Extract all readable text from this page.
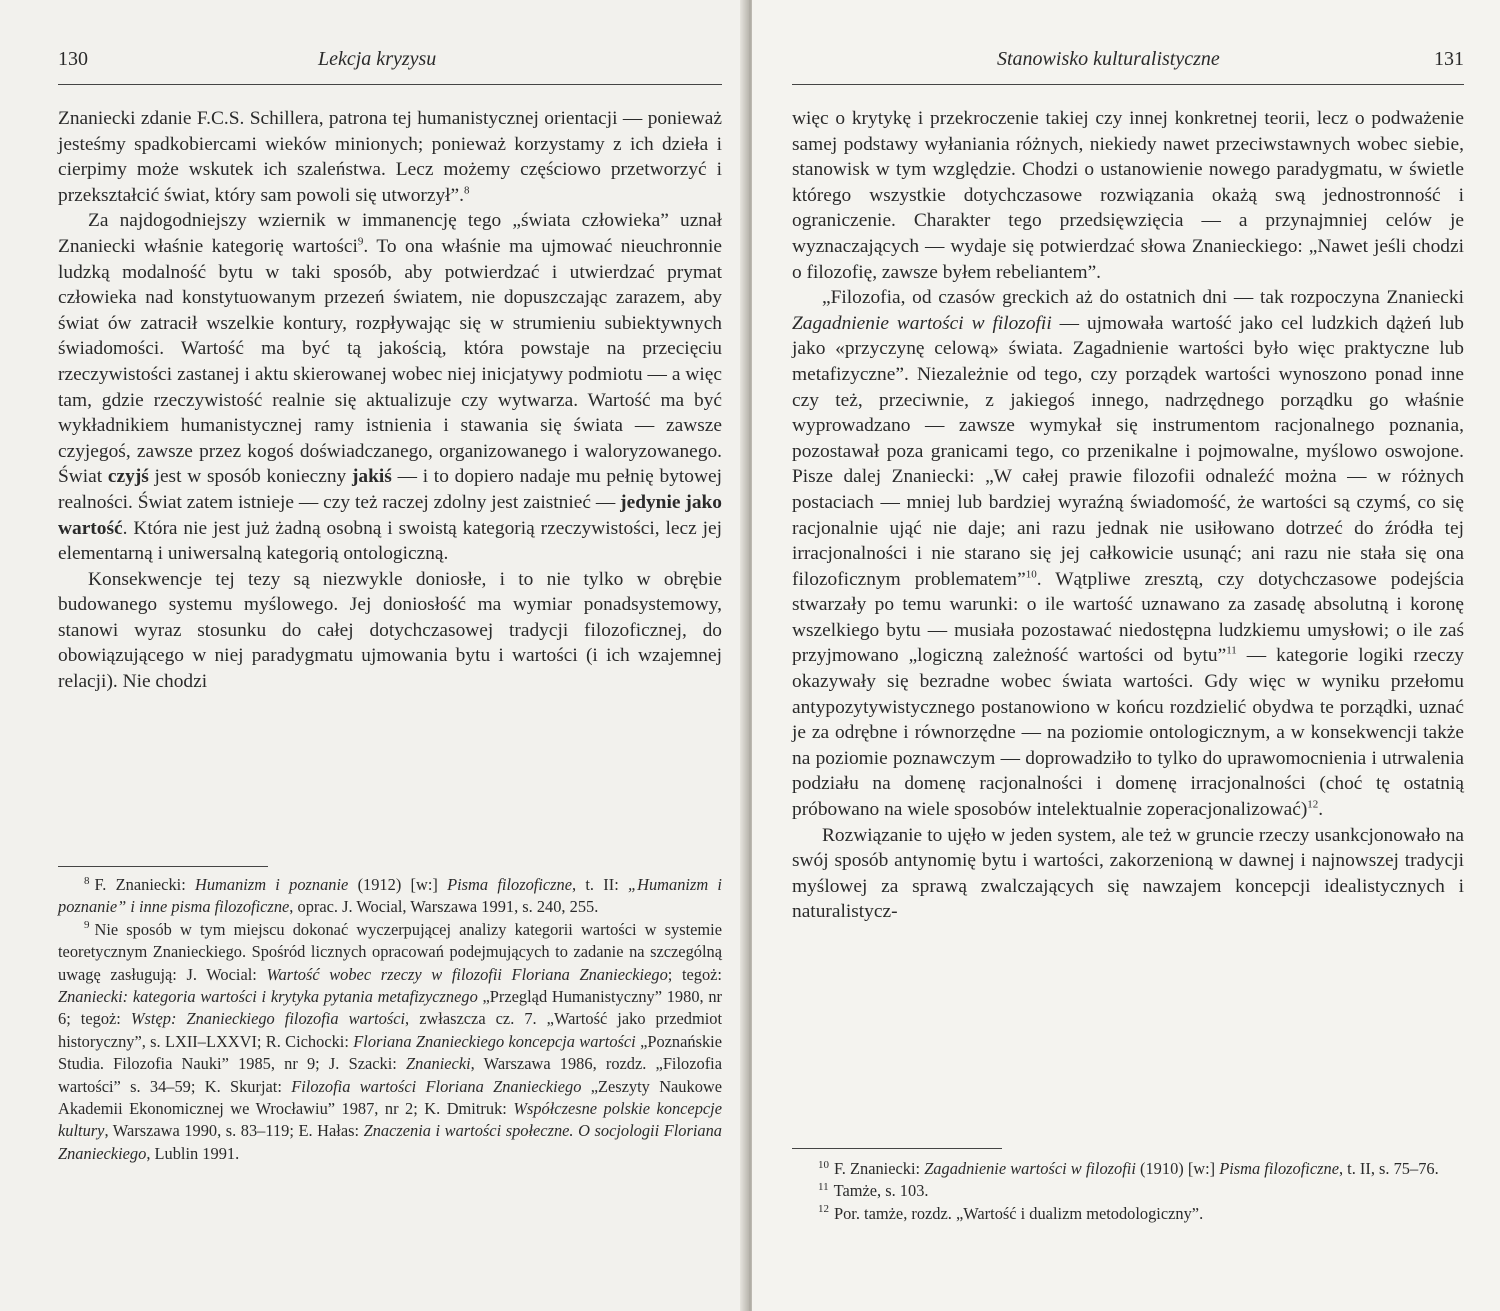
130	Lekcja kryzysu

Znaniecki zdanie F.C.S. Schillera, patrona tej humanistycznej orientacji — ponieważ jesteśmy spadkobiercami wieków minionych; ponieważ korzystamy z ich dzieła i cierpimy może wskutek ich szaleństwa. Lecz możemy częściowo przetworzyć i przekształcić świat, który sam powoli się utworzył”.$^8$

Za najdogodniejszy wziernik w immanencję tego „świata człowieka” uznał Znaniecki właśnie kategorię wartości$^9$. To ona właśnie ma ujmować nieuchronnie ludzką modalność bytu w taki sposób, aby potwierdzać i utwierdzać prymat człowieka nad konstytuowanym przezeń światem, nie dopuszczając zarazem, aby świat ów zatracił wszelkie kontury, rozpływając się w strumieniu subiektywnych świadomości. Wartość ma być tą jakością, która powstaje na przecięciu rzeczywistości zastanej i aktu skierowanej wobec niej inicjatywy podmiotu — a więc tam, gdzie rzeczywistość realnie się aktualizuje czy wytwarza. Wartość ma być wykładnikiem humanistycznej ramy istnienia i stawania się świata — zawsze czyjegoś, zawsze przez kogoś doświadczanego, organizowanego i waloryzowanego. Świat czyjś jest w sposób konieczny jakiś — i to dopiero nadaje mu pełnię bytowej realności. Świat zatem istnieje — czy też raczej zdolny jest zaistnieć — jedynie jako wartość. Która nie jest już żadną osobną i swoistą kategorią rzeczywistości, lecz jej elementarną i uniwersalną kategorią ontologiczną.

Konsekwencje tej tezy są niezwykle doniosłe, i to nie tylko w obrębie budowanego systemu myślowego. Jej doniosłość ma wymiar ponadsystemowy, stanowi wyraz stosunku do całej dotychczasowej tradycji filozoficznej, do obowiązującego w niej paradygmatu ujmowania bytu i wartości (i ich wzajemnej relacji). Nie chodzi

$^8$ F. Znaniecki: Humanizm i poznanie (1912) [w:] Pisma filozoficzne, t. II: „Humanizm i poznanie” i inne pisma filozoficzne, oprac. J. Wocial, Warszawa 1991, s. 240, 255.

$^9$ Nie sposób w tym miejscu dokonać wyczerpującej analizy kategorii wartości w systemie teoretycznym Znanieckiego. Spośród licznych opracowań podejmujących to zadanie na szczególną uwagę zasługują: J. Wocial: Wartość wobec rzeczy w filozofii Floriana Znanieckiego; tegoż: Znaniecki: kategoria wartości i krytyka pytania metafizycznego „Przegląd Humanistyczny” 1980, nr 6; tegoż: Wstęp: Znanieckiego filozofia wartości, zwłaszcza cz. 7. „Wartość jako przedmiot historyczny”, s. LXII–LXXVI; R. Cichocki: Floriana Znanieckiego koncepcja wartości „Poznańskie Studia. Filozofia Nauki” 1985, nr 9; J. Szacki: Znaniecki, Warszawa 1986, rozdz. „Filozofia wartości” s. 34–59; K. Skurjat: Filozofia wartości Floriana Znanieckiego „Zeszyty Naukowe Akademii Ekonomicznej we Wrocławiu” 1987, nr 2; K. Dmitruk: Współczesne polskie koncepcje kultury, Warszawa 1990, s. 83–119; E. Hałas: Znaczenia i wartości społeczne. O socjologii Floriana Znanieckiego, Lublin 1991.

Stanowisko kulturalistyczne	131

więc o krytykę i przekroczenie takiej czy innej konkretnej teorii, lecz o podważenie samej podstawy wyłaniania różnych, niekiedy nawet przeciwstawnych wobec siebie, stanowisk w tym względzie. Chodzi o ustanowienie nowego paradygmatu, w świetle którego wszystkie dotychczasowe rozwiązania okażą swą jednostronność i ograniczenie. Charakter tego przedsięwzięcia — a przynajmniej celów je wyznaczających — wydaje się potwierdzać słowa Znanieckiego: „Nawet jeśli chodzi o filozofię, zawsze byłem rebeliantem”.

„Filozofia, od czasów greckich aż do ostatnich dni — tak rozpoczyna Znaniecki Zagadnienie wartości w filozofii — ujmowała wartość jako cel ludzkich dążeń lub jako «przyczynę celową» świata. Zagadnienie wartości było więc praktyczne lub metafizyczne”. Niezależnie od tego, czy porządek wartości wynoszono ponad inne czy też, przeciwnie, z jakiegoś innego, nadrzędnego porządku go właśnie wyprowadzano — zawsze wymykał się instrumentom racjonalnego poznania, pozostawał poza granicami tego, co przenikalne i pojmowalne, myślowo oswojone. Pisze dalej Znaniecki: „W całej prawie filozofii odnaleźć można — w różnych postaciach — mniej lub bardziej wyraźną świadomość, że wartości są czymś, co się racjonalnie ująć nie daje; ani razu jednak nie usiłowano dotrzeć do źródła tej irracjonalności i nie starano się jej całkowicie usunąć; ani razu nie stała się ona filozoficznym problematem”$^{10}$. Wątpliwe zresztą, czy dotychczasowe podejścia stwarzały po temu warunki: o ile wartość uznawano za zasadę absolutną i koronę wszelkiego bytu — musiała pozostawać niedostępna ludzkiemu umysłowi; o ile zaś przyjmowano „logiczną zależność wartości od bytu”$^{11}$ — kategorie logiki rzeczy okazywały się bezradne wobec świata wartości. Gdy więc w wyniku przełomu antypozytywistycznego postanowiono w końcu rozdzielić obydwa te porządki, uznać je za odrębne i równorzędne — na poziomie ontologicznym, a w konsekwencji także na poziomie poznawczym — doprowadziło to tylko do uprawomocnienia i utrwalenia podziału na domenę racjonalności i domenę irracjonalności (choć tę ostatnią próbowano na wiele sposobów intelektualnie zoperacjonalizować)$^{12}$.

Rozwiązanie to ujęło w jeden system, ale też w gruncie rzeczy usankcjonowało na swój sposób antynomię bytu i wartości, zakorzenioną w dawnej i najnowszej tradycji myślowej za sprawą zwalczających się nawzajem koncepcji idealistycznych i naturalistycz-

$^{10}$ F. Znaniecki: Zagadnienie wartości w filozofii (1910) [w:] Pisma filozoficzne, t. II, s. 75–76.

$^{11}$ Tamże, s. 103.

$^{12}$ Por. tamże, rozdz. „Wartość i dualizm metodologiczny”.
